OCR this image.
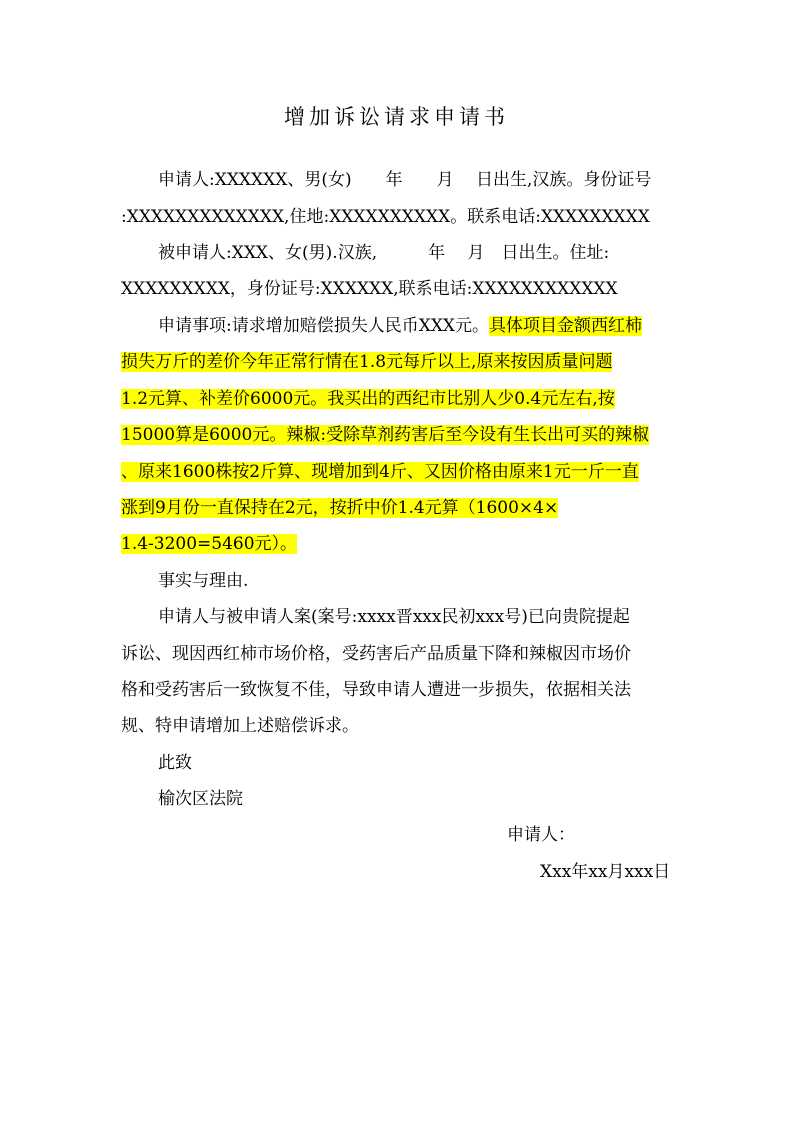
增加诉讼请求申请书
申请人:XXXXXX、男(女)　　年　　月　 日出生,汉族。身份证号
:XXXXXXXXXXXXX,住地:XXXXXXXXXX。联系电话:XXXXXXXXX
被申请人:XXX、女(男).汉族,　　　年　 月　日出生。住址:
XXXXXXXXX，身份证号:XXXXXX,联系电话:XXXXXXXXXXXX
申请事项:请求增加赔偿损失人民币XXX元。具体项目金额西红柿
损失万斤的差价今年正常行情在1.8元每斤以上,原来按因质量问题
1.2元算、补差价6000元。我买出的西纪市比别人少0.4元左右,按
15000算是6000元。辣椒:受除草剂药害后至今设有生长出可买的辣椒
、原来1600株按2斤算、现增加到4斤、又因价格由原来1元一斤一直
涨到9月份一直保持在2元，按折中价1.4元算（1600×4×
1.4-3200=5460元）。
事实与理由.
申请人与被申请人案(案号:xxxx晋xxx民初xxx号)已向贵院提起
诉讼、现因西红柿市场价格，受药害后产品质量下降和辣椒因市场价
格和受药害后一致恢复不佳，导致申请人遭进一步损失，依据相关法
规、特申请增加上述赔偿诉求。
此致
榆次区法院
申请人：
Xxx年xx月xxx日
